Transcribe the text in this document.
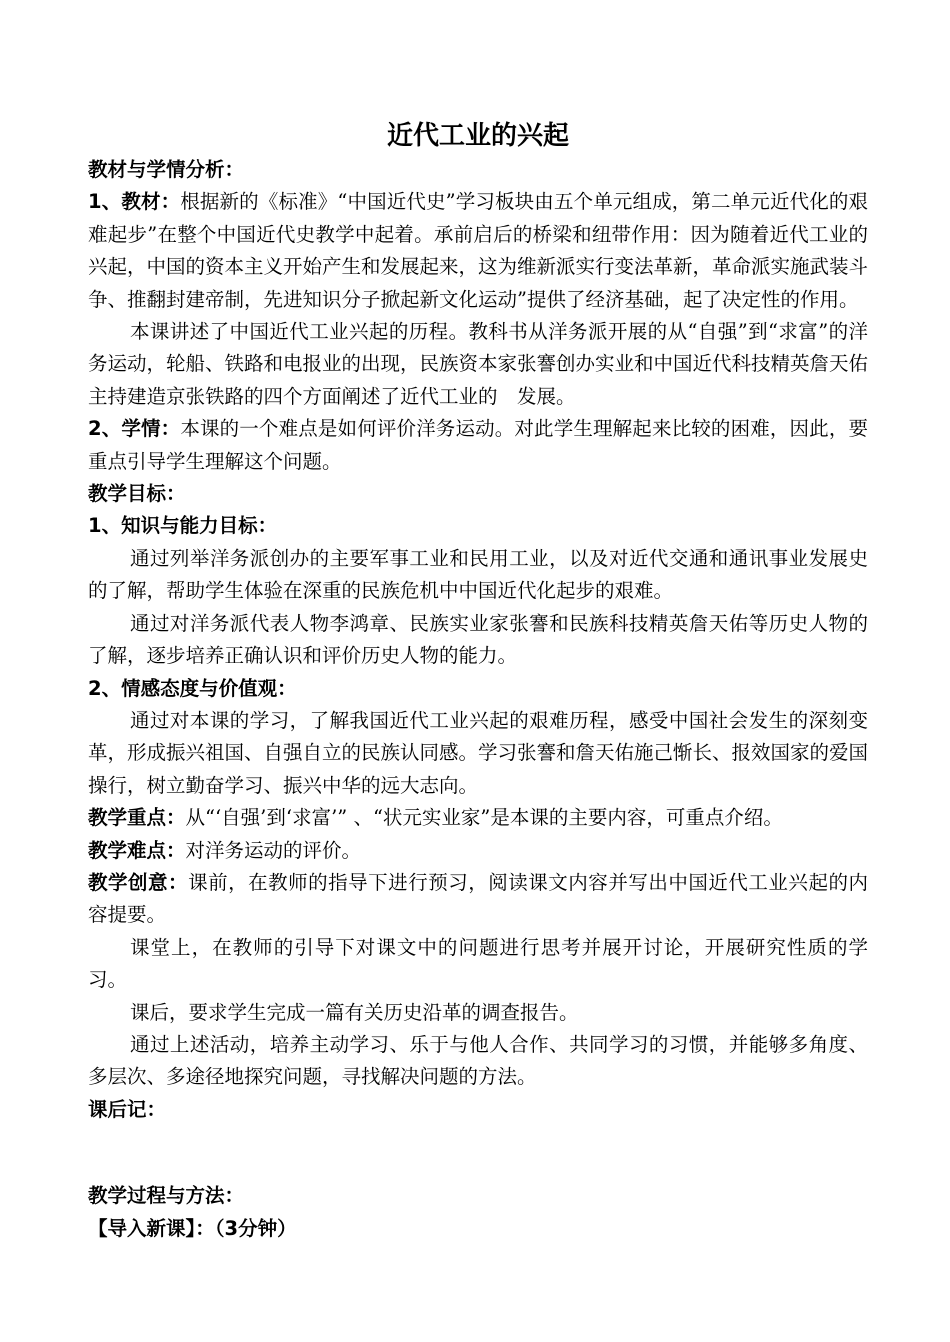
近代工业的兴起

教材与学情分析：

1、教材：根据新的《标准》“中国近代史”学习板块由五个单元组成，第二单元近代化的艰难起步”在整个中国近代史教学中起着。承前启后的桥梁和纽带作用：因为随着近代工业的兴起，中国的资本主义开始产生和发展起来，这为维新派实行变法革新，革命派实施武装斗争、推翻封建帝制，先进知识分子掀起新文化运动”提供了经济基础，起了决定性的作用。

本课讲述了中国近代工业兴起的历程。教科书从洋务派开展的从“自强”到“求富”的洋务运动，轮船、铁路和电报业的出现，民族资本家张謇创办实业和中国近代科技精英詹天佑主持建造京张铁路的四个方面阐述了近代工业的　发展。

2、学情：本课的一个难点是如何评价洋务运动。对此学生理解起来比较的困难，因此，要重点引导学生理解这个问题。

教学目标：

1、知识与能力目标：

通过列举洋务派创办的主要军事工业和民用工业，以及对近代交通和通讯事业发展史的了解，帮助学生体验在深重的民族危机中中国近代化起步的艰难。

通过对洋务派代表人物李鸿章、民族实业家张謇和民族科技精英詹天佑等历史人物的了解，逐步培养正确认识和评价历史人物的能力。

2、情感态度与价值观：

通过对本课的学习，了解我国近代工业兴起的艰难历程，感受中国社会发生的深刻变革，形成振兴祖国、自强自立的民族认同感。学习张謇和詹天佑施己惭长、报效国家的爱国操行，树立勤奋学习、振兴中华的远大志向。

教学重点：从“‘自强’到‘求富’” 、“状元实业家”是本课的主要内容，可重点介绍。

教学难点：对洋务运动的评价。

教学创意：课前，在教师的指导下进行预习，阅读课文内容并写出中国近代工业兴起的内容提要。

课堂上，在教师的引导下对课文中的问题进行思考并展开讨论，开展研究性质的学习。

课后，要求学生完成一篇有关历史沿革的调查报告。

通过上述活动，培养主动学习、乐于与他人合作、共同学习的习惯，并能够多角度、多层次、多途径地探究问题，寻找解决问题的方法。

课后记：

教学过程与方法：

【导入新课】：（3分钟）
